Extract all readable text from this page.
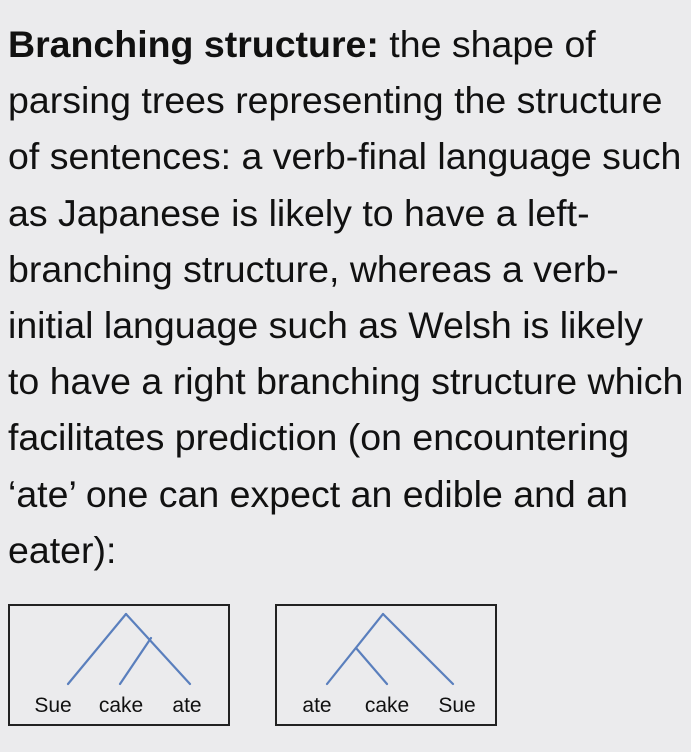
Branching structure: the shape of parsing trees representing the structure of sentences: a verb-final language such as Japanese is likely to have a left-branching structure, whereas a verb-initial language such as Welsh is likely to have a right branching structure which facilitates prediction (on encountering ‘ate’ one can expect an edible and an eater):

Sue cake ate	ate cake Sue
